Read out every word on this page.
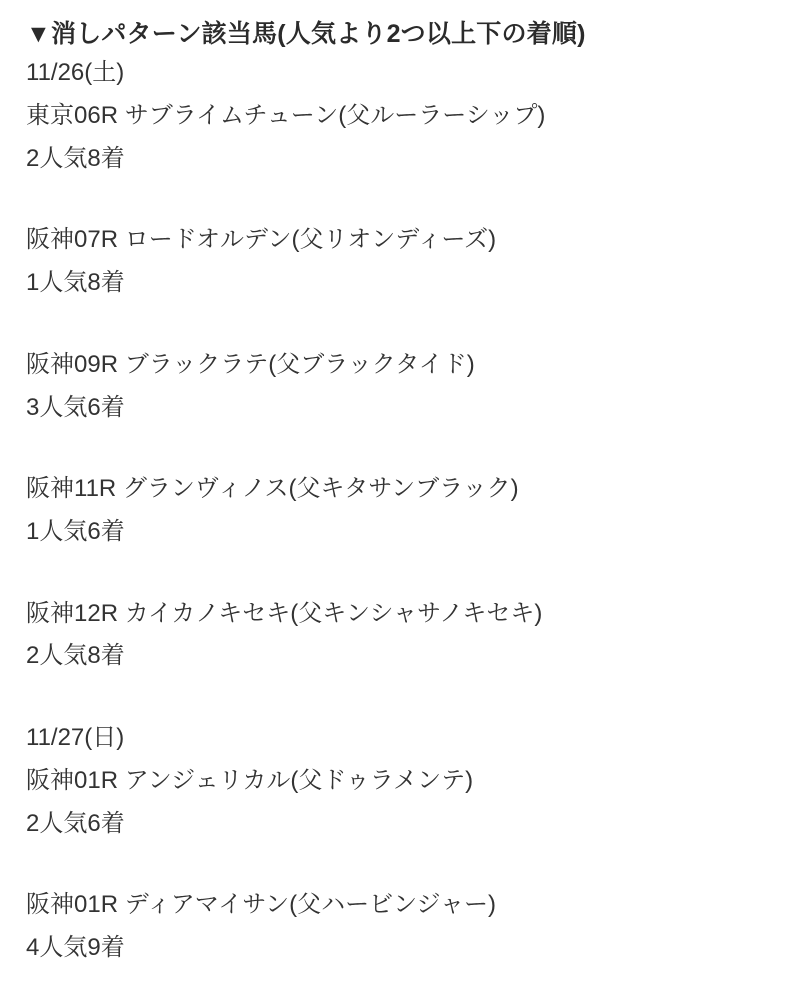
▼消しパターン該当馬(人気より2つ以上下の着順)
11/26(土)
東京06R サブライムチューン(父ルーラーシップ)
2人気8着
阪神07R ロードオルデン(父リオンディーズ)
1人気8着
阪神09R ブラックラテ(父ブラックタイド)
3人気6着
阪神11R グランヴィノス(父キタサンブラック)
1人気6着
阪神12R カイカノキセキ(父キンシャサノキセキ)
2人気8着
11/27(日)
阪神01R アンジェリカル(父ドゥラメンテ)
2人気6着
阪神01R ディアマイサン(父ハービンジャー)
4人気9着
